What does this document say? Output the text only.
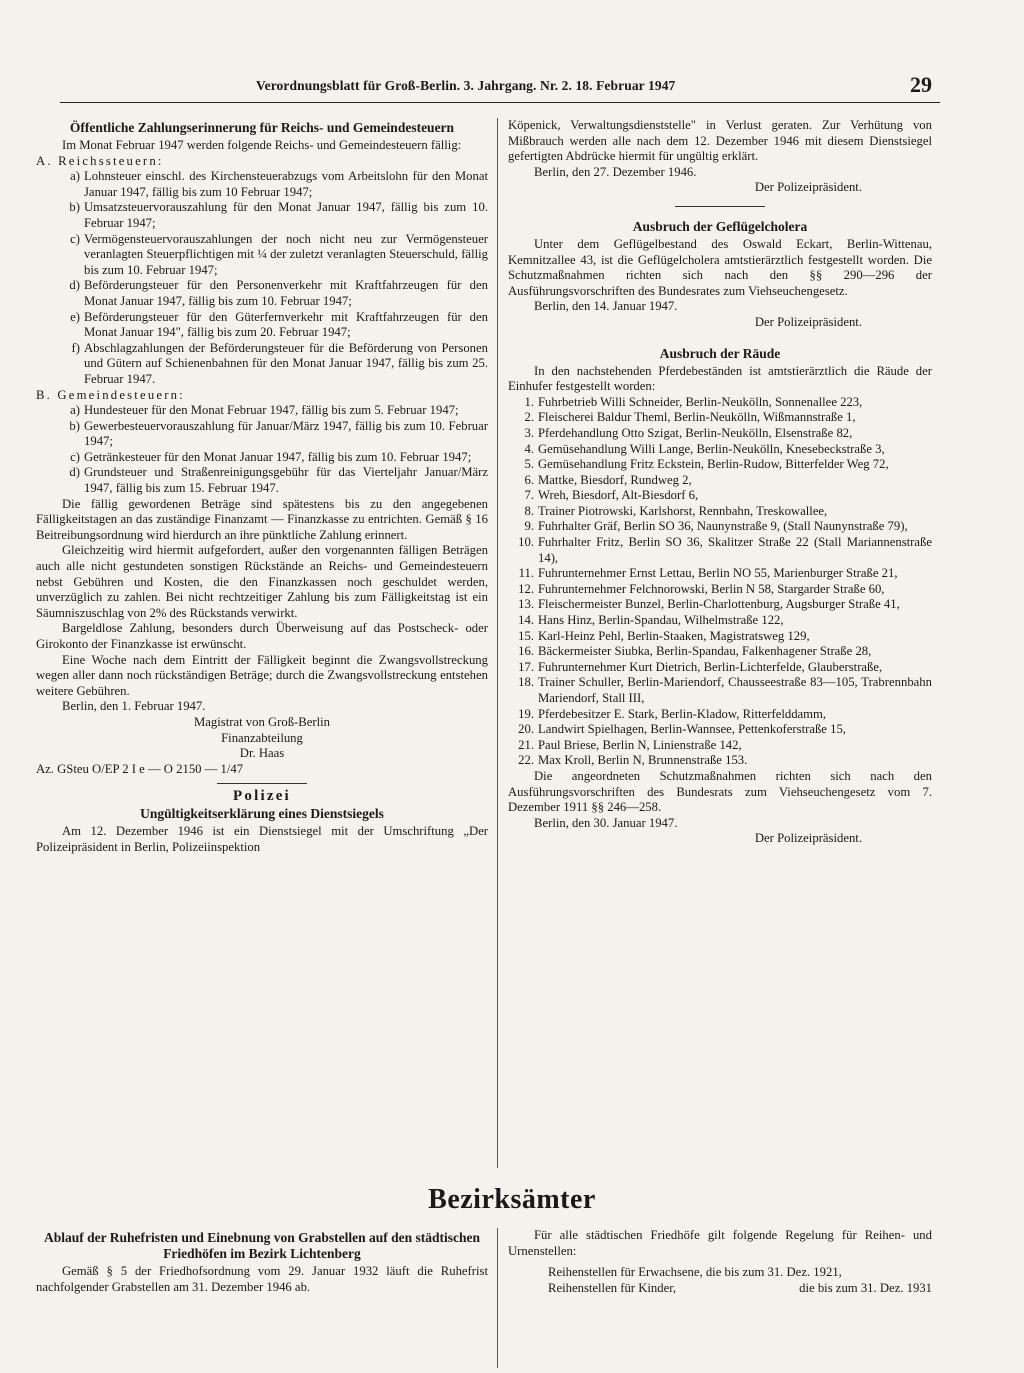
Verordnungsblatt für Groß-Berlin. 3. Jahrgang. Nr. 2. 18. Februar 1947	29

Öffentliche Zahlungserinnerung für Reichs- und Gemeindesteuern

Im Monat Februar 1947 werden folgende Reichs- und Gemeindesteuern fällig:

A. Reichssteuern:

a) Lohnsteuer einschl. des Kirchensteuerabzugs vom Arbeitslohn für den Monat Januar 1947, fällig bis zum 10 Februar 1947;
b) Umsatzsteuervorauszahlung für den Monat Januar 1947, fällig bis zum 10. Februar 1947;
c) Vermögensteuervorauszahlungen der noch nicht neu zur Vermögensteuer veranlagten Steuerpflichtigen mit ¼ der zuletzt veranlagten Steuerschuld, fällig bis zum 10. Februar 1947;
d) Beförderungsteuer für den Personenverkehr mit Kraftfahrzeugen für den Monat Januar 1947, fällig bis zum 10. Februar 1947;
e) Beförderungsteuer für den Güterfernverkehr mit Kraftfahrzeugen für den Monat Januar 194", fällig bis zum 20. Februar 1947;
f) Abschlagzahlungen der Beförderungsteuer für die Beförderung von Personen und Gütern auf Schienenbahnen für den Monat Januar 1947, fällig bis zum 25. Februar 1947.

B. Gemeindesteuern:

a) Hundesteuer für den Monat Februar 1947, fällig bis zum 5. Februar 1947;
b) Gewerbesteuervorauszahlung für Januar/März 1947, fällig bis zum 10. Februar 1947;
c) Getränkesteuer für den Monat Januar 1947, fällig bis zum 10. Februar 1947;
d) Grundsteuer und Straßenreinigungsgebühr für das Vierteljahr Januar/März 1947, fällig bis zum 15. Februar 1947.

Die fällig gewordenen Beträge sind spätestens bis zu den angegebenen Fälligkeitstagen an das zuständige Finanzamt — Finanzkasse zu entrichten. Gemäß § 16 Beitreibungsordnung wird hierdurch an ihre pünktliche Zahlung erinnert.

Gleichzeitig wird hiermit aufgefordert, außer den vorgenannten fälligen Beträgen auch alle nicht gestundeten sonstigen Rückstände an Reichs- und Gemeindesteuern nebst Gebühren und Kosten, die den Finanzkassen noch geschuldet werden, unverzüglich zu zahlen. Bei nicht rechtzeitiger Zahlung bis zum Fälligkeitstag ist ein Säumniszuschlag von 2% des Rückstands verwirkt.

Bargeldlose Zahlung, besonders durch Überweisung auf das Postscheck- oder Girokonto der Finanzkasse ist erwünscht.

Eine Woche nach dem Eintritt der Fälligkeit beginnt die Zwangsvollstreckung wegen aller dann noch rückständigen Beträge; durch die Zwangsvollstreckung entstehen weitere Gebühren.

Berlin, den 1. Februar 1947.

Magistrat von Groß-Berlin

Finanzabteilung

Dr. Haas

Az. GSteu O/EP 2 I e — O 2150 — 1/47

Polizei

Ungültigkeitserklärung eines Dienstsiegels

Am 12. Dezember 1946 ist ein Dienstsiegel mit der Umschriftung „Der Polizeipräsident in Berlin, Polizeiinspektion

Köpenick, Verwaltungsdienststelle" in Verlust geraten. Zur Verhütung von Mißbrauch werden alle nach dem 12. Dezember 1946 mit diesem Dienstsiegel gefertigten Abdrücke hiermit für ungültig erklärt.

Berlin, den 27. Dezember 1946.

Der Polizeipräsident.

Ausbruch der Geflügelcholera

Unter dem Geflügelbestand des Oswald Eckart, Berlin-Wittenau, Kemnitzallee 43, ist die Geflügelcholera amtstierärztlich festgestellt worden. Die Schutzmaßnahmen richten sich nach den §§ 290—296 der Ausführungsvorschriften des Bundesrates zum Viehseuchengesetz.

Berlin, den 14. Januar 1947.

Der Polizeipräsident.

Ausbruch der Räude

In den nachstehenden Pferdebeständen ist amtstierärztlich die Räude der Einhufer festgestellt worden:

1. Fuhrbetrieb Willi Schneider, Berlin-Neukölln, Sonnenallee 223,
2. Fleischerei Baldur Theml, Berlin-Neukölln, Wißmannstraße 1,
3. Pferdehandlung Otto Szigat, Berlin-Neukölln, Elsenstraße 82,
4. Gemüsehandlung Willi Lange, Berlin-Neukölln, Knesebeckstraße 3,
5. Gemüsehandlung Fritz Eckstein, Berlin-Rudow, Bitterfelder Weg 72,
6. Mattke, Biesdorf, Rundweg 2,
7. Wreh, Biesdorf, Alt-Biesdorf 6,
8. Trainer Piotrowski, Karlshorst, Rennbahn, Treskowallee,
9. Fuhrhalter Gräf, Berlin SO 36, Naunynstraße 9, (Stall Naunynstraße 79),
10. Fuhrhalter Fritz, Berlin SO 36, Skalitzer Straße 22 (Stall Mariannenstraße 14),
11. Fuhrunternehmer Ernst Lettau, Berlin NO 55, Marienburger Straße 21,
12. Fuhrunternehmer Felchnorowski, Berlin N 58, Stargarder Straße 60,
13. Fleischermeister Bunzel, Berlin-Charlottenburg, Augsburger Straße 41,
14. Hans Hinz, Berlin-Spandau, Wilhelmstraße 122,
15. Karl-Heinz Pehl, Berlin-Staaken, Magistratsweg 129,
16. Bäckermeister Siubka, Berlin-Spandau, Falkenhagener Straße 28,
17. Fuhrunternehmer Kurt Dietrich, Berlin-Lichterfelde, Glauberstraße,
18. Trainer Schuller, Berlin-Mariendorf, Chausseestraße 83—105, Trabrennbahn Mariendorf, Stall III,
19. Pferdebesitzer E. Stark, Berlin-Kladow, Ritterfelddamm,
20. Landwirt Spielhagen, Berlin-Wannsee, Pettenkoferstraße 15,
21. Paul Briese, Berlin N, Linienstraße 142,
22. Max Kroll, Berlin N, Brunnenstraße 153.

Die angeordneten Schutzmaßnahmen richten sich nach den Ausführungsvorschriften des Bundesrats zum Viehseuchengesetz vom 7. Dezember 1911 §§ 246—258.

Berlin, den 30. Januar 1947.

Der Polizeipräsident.

Bezirksämter

Ablauf der Ruhefristen und Einebnung von Grabstellen auf den städtischen Friedhöfen im Bezirk Lichtenberg

Gemäß § 5 der Friedhofsordnung vom 29. Januar 1932 läuft die Ruhefrist nachfolgender Grabstellen am 31. Dezember 1946 ab.

Für alle städtischen Friedhöfe gilt folgende Regelung für Reihen- und Urnenstellen:

Reihenstellen für Erwachsene, die bis zum 31. Dez. 1921,

Reihenstellen für Kinder,	die bis zum 31. Dez. 1931
